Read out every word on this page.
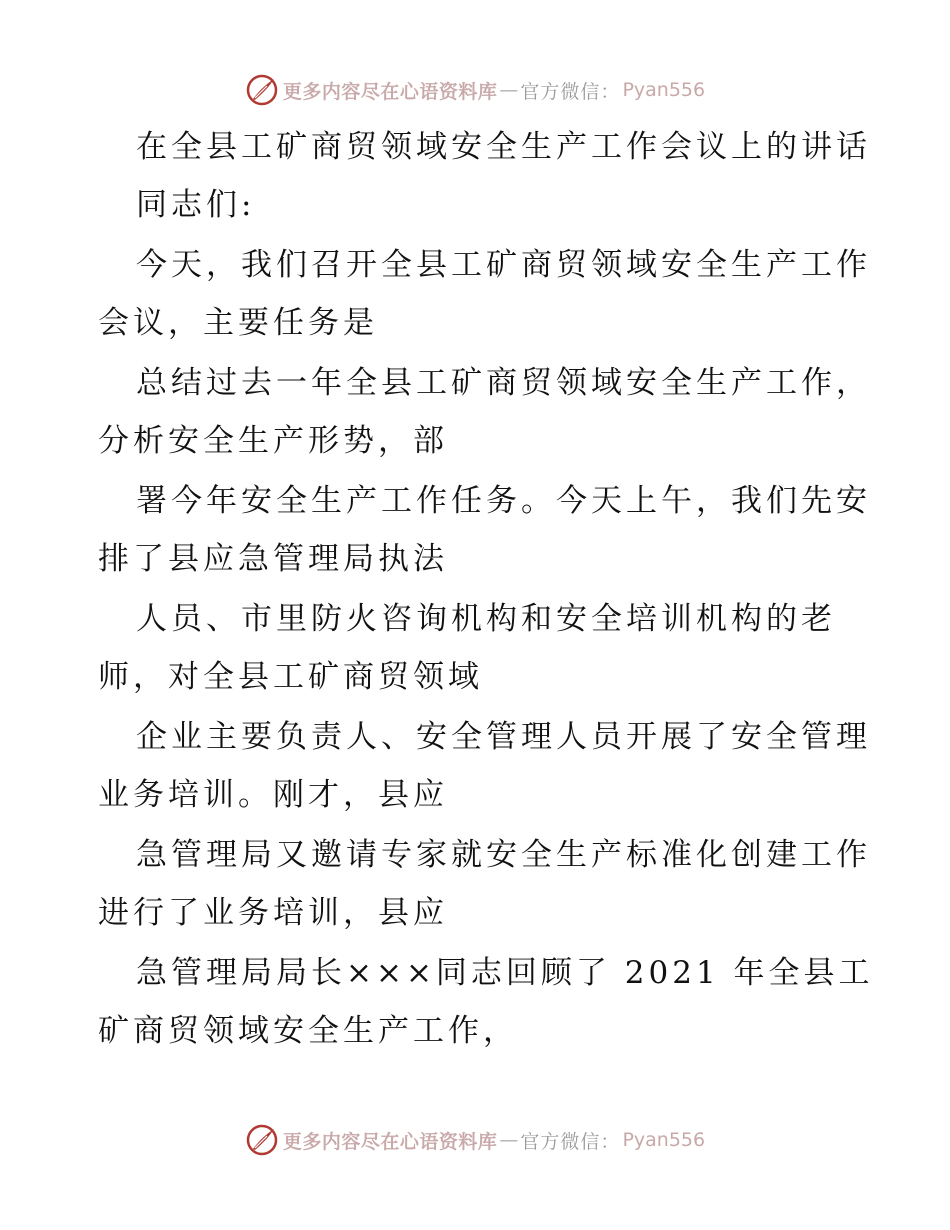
更多内容尽在心语资料库 — 官方微信： Pyan556
在全县工矿商贸领域安全生产工作会议上的讲话
同志们:
今天，我们召开全县工矿商贸领域安全生产工作
会议，主要任务是
总结过去一年全县工矿商贸领域安全生产工作，
分析安全生产形势，部
署今年安全生产工作任务。今天上午，我们先安
排了县应急管理局执法
人员、市里防火咨询机构和安全培训机构的老
师，对全县工矿商贸领域
企业主要负责人、安全管理人员开展了安全管理
业务培训。刚才，县应
急管理局又邀请专家就安全生产标准化创建工作
进行了业务培训，县应
急管理局局长×××同志回顾了 2021 年全县工
矿商贸领域安全生产工作，
更多内容尽在心语资料库 — 官方微信： Pyan556
